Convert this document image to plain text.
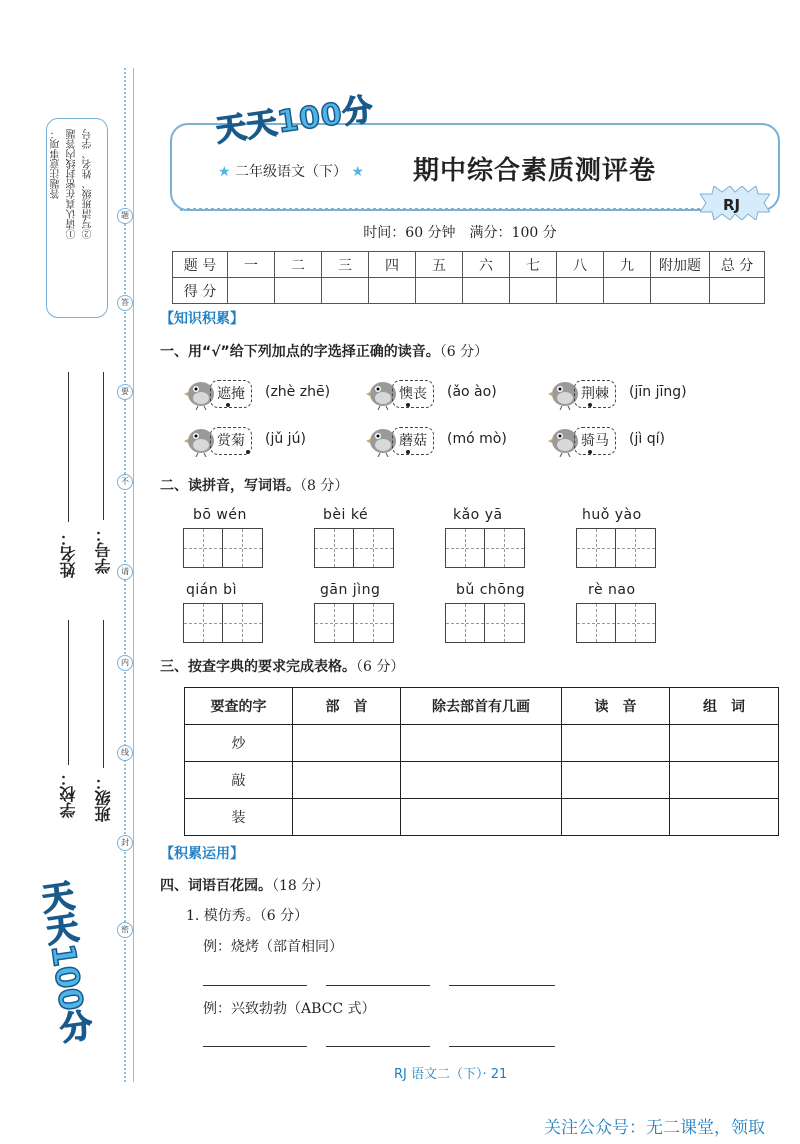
题
答
要
不
请
内
线
封
密
答题注意事项： ①请认真在密封线内答题 ②写清班级、姓名、学号
姓名： 学号：
学校： 班级：
天天100分
天天100分
★ 二年级语文（下） ★ 期中综合素质测评卷
RJ
时间：60 分钟　满分：100 分
题 号	一	二	三	四	五	六	七	八	九	附加题	总 分
得 分											
【知识积累】
一、用“√”给下列加点的字选择正确的读音。（6 分）
遮掩	(zhè zhē)	懊丧	(ǎo ào)	荆棘	(jīn jīng)
赏菊	(jǔ jú)	蘑菇	(mó mò)	骑马	(jì qí)
二、读拼音，写词语。（8 分）
bō wén	bèi ké	kǎo yā	huǒ yào
qián bì	gān jìng	bǔ chōng	rè nao
三、按查字典的要求完成表格。（6 分）
要查的字	部　首	除去部首有几画	读　音	组　词
炒				
敲				
装				
【积累运用】
四、词语百花园。（18 分）
1. 模仿秀。（6 分）
例：烧烤（部首相同）
例：兴致勃勃（ABCC 式）
RJ 语文二（下）· 21
关注公众号：无二课堂，领取
